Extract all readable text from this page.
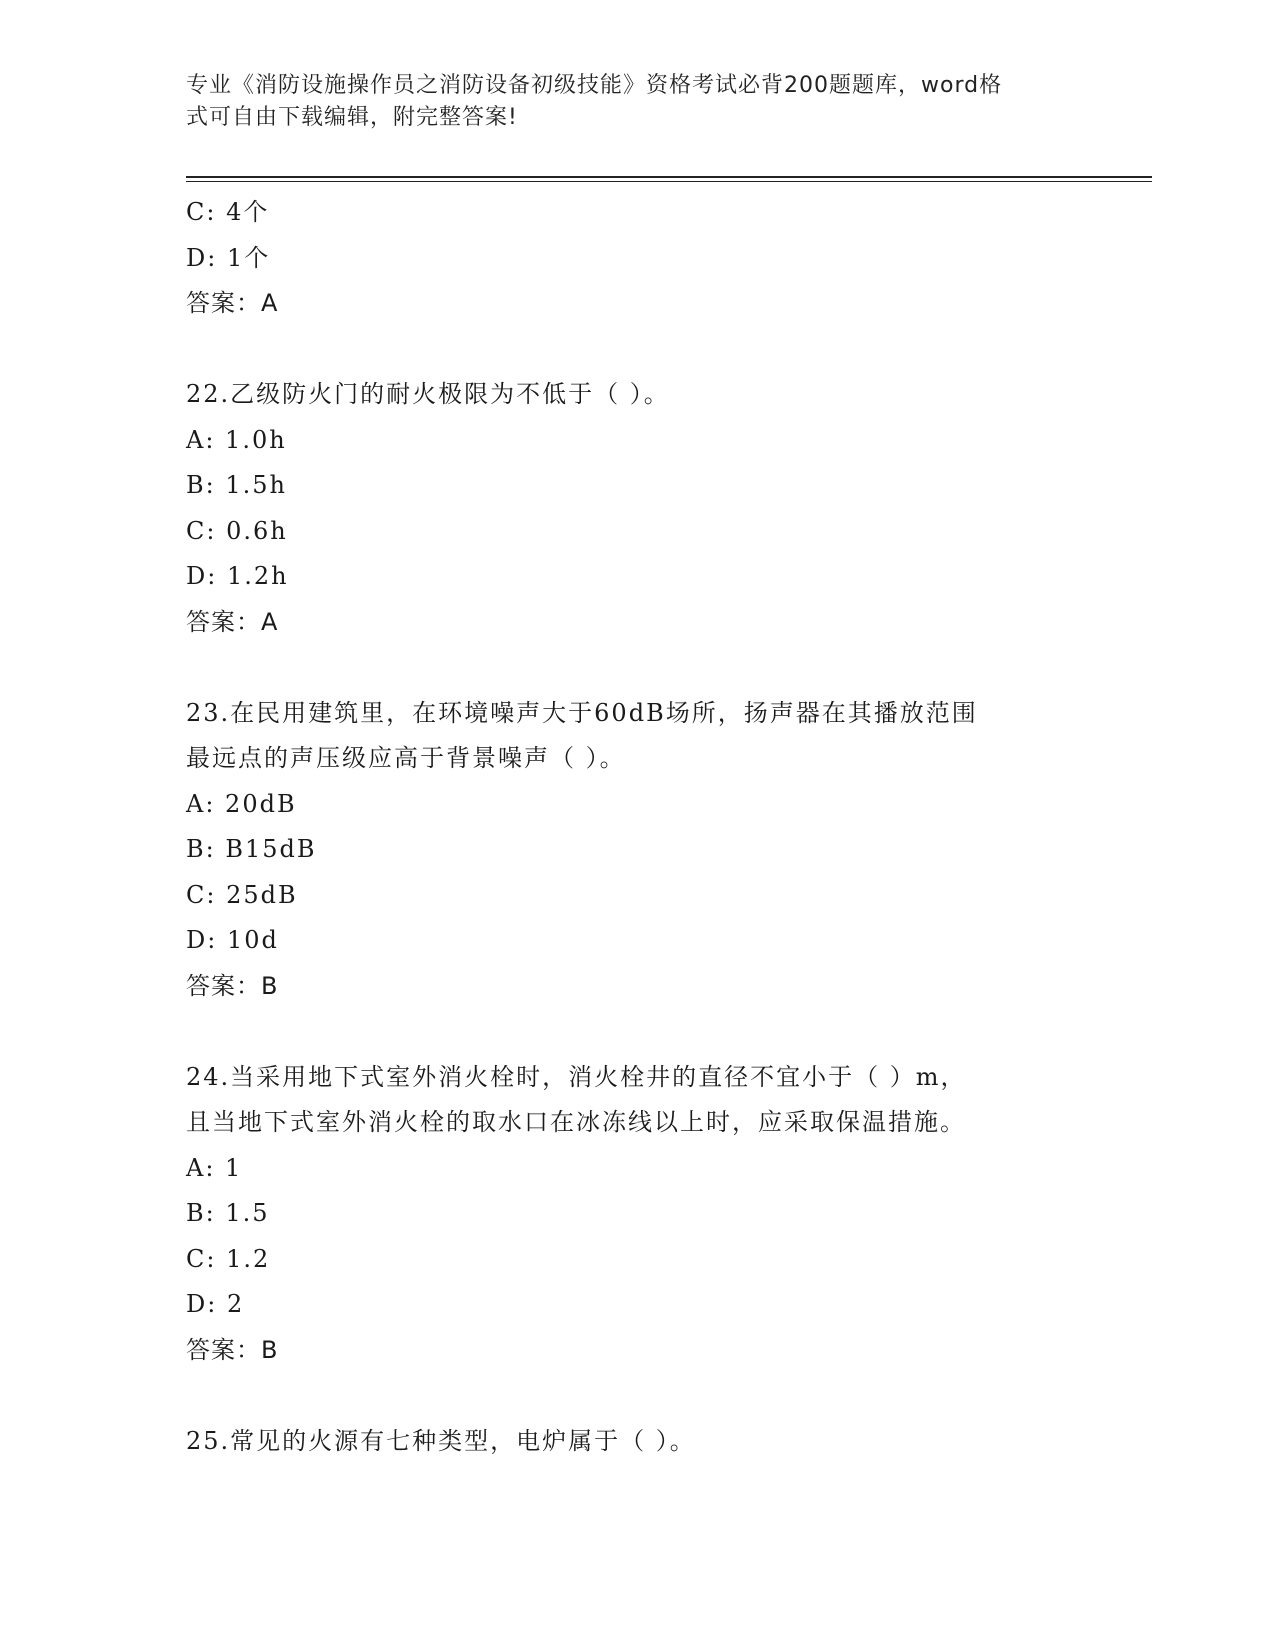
专业《消防设施操作员之消防设备初级技能》资格考试必背200题题库，word格
式可自由下载编辑，附完整答案!
C: 4个
D: 1个
答案：A
22.乙级防火门的耐火极限为不低于（ ）。
A: 1.0h
B: 1.5h
C: 0.6h
D: 1.2h
答案：A
23.在民用建筑里，在环境噪声大于60dB场所，扬声器在其播放范围
最远点的声压级应高于背景噪声（ ）。
A: 20dB
B: B15dB
C: 25dB
D: 10d
答案：B
24.当采用地下式室外消火栓时，消火栓井的直径不宜小于（ ）m，
且当地下式室外消火栓的取水口在冰冻线以上时，应采取保温措施。
A: 1
B: 1.5
C: 1.2
D: 2
答案：B
25.常见的火源有七种类型，电炉属于（ ）。
